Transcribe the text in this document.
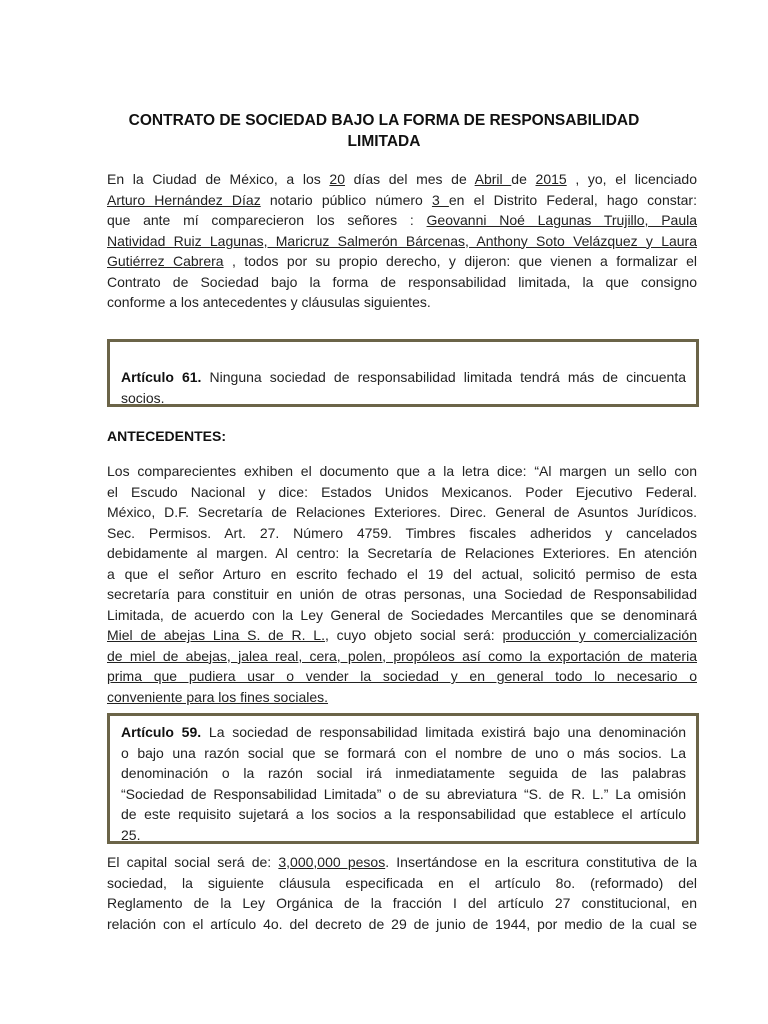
CONTRATO DE SOCIEDAD BAJO LA FORMA DE RESPONSABILIDAD
LIMITADA
En la Ciudad de México, a los 20 días del mes de Abril de 2015 , yo, el licenciado
Arturo Hernández Díaz notario público número 3 en el Distrito Federal, hago constar:
que ante mí comparecieron los señores : Geovanni Noé Lagunas Trujillo, Paula
Natividad Ruiz Lagunas, Maricruz Salmerón Bárcenas, Anthony Soto Velázquez y Laura
Gutiérrez Cabrera , todos por su propio derecho, y dijeron: que vienen a formalizar el
Contrato de Sociedad bajo la forma de responsabilidad limitada, la que consigno
conforme a los antecedentes y cláusulas siguientes.
Artículo 61. Ninguna sociedad de responsabilidad limitada tendrá más de cincuenta
socios.
ANTECEDENTES:
Los comparecientes exhiben el documento que a la letra dice: “Al margen un sello con
el Escudo Nacional y dice: Estados Unidos Mexicanos. Poder Ejecutivo Federal.
México, D.F. Secretaría de Relaciones Exteriores. Direc. General de Asuntos Jurídicos.
Sec. Permisos. Art. 27. Número 4759. Timbres fiscales adheridos y cancelados
debidamente al margen. Al centro: la Secretaría de Relaciones Exteriores. En atención
a que el señor Arturo en escrito fechado el 19 del actual, solicitó permiso de esta
secretaría para constituir en unión de otras personas, una Sociedad de Responsabilidad
Limitada, de acuerdo con la Ley General de Sociedades Mercantiles que se denominará
Miel de abejas Lina S. de R. L., cuyo objeto social será: producción y comercialización
de miel de abejas, jalea real, cera, polen, propóleos así como la exportación de materia
prima que pudiera usar o vender la sociedad y en general todo lo necesario o
conveniente para los fines sociales.
Artículo 59. La sociedad de responsabilidad limitada existirá bajo una denominación
o bajo una razón social que se formará con el nombre de uno o más socios. La
denominación o la razón social irá inmediatamente seguida de las palabras
“Sociedad de Responsabilidad Limitada” o de su abreviatura “S. de R. L.” La omisión
de este requisito sujetará a los socios a la responsabilidad que establece el artículo
25.
El capital social será de: 3,000,000 pesos. Insertándose en la escritura constitutiva de la
sociedad, la siguiente cláusula especificada en el artículo 8o. (reformado) del
Reglamento de la Ley Orgánica de la fracción I del artículo 27 constitucional, en
relación con el artículo 4o. del decreto de 29 de junio de 1944, por medio de la cual se
